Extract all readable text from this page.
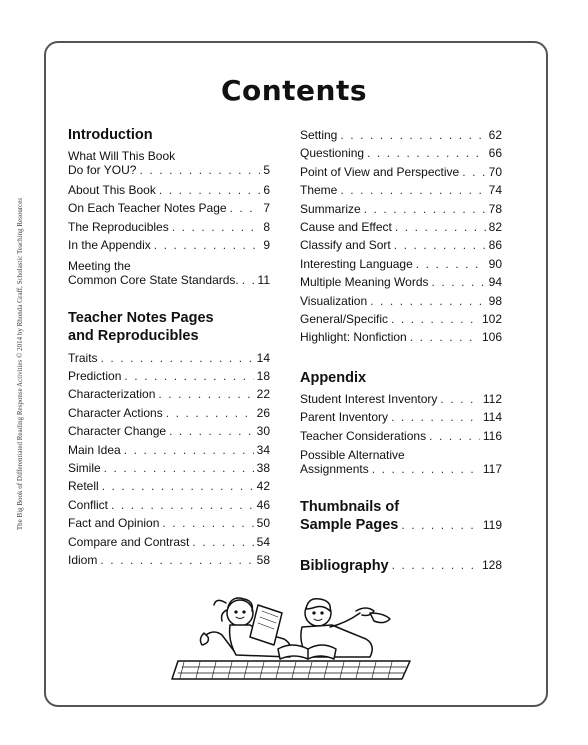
The Big Book of Differentiated Reading Response Activities © 2014 by Rhonda Graff, Scholastic Teaching Resources
Contents
Introduction
What Will This Book
Do for YOU? . . .	5
About This Book . . .	6
On Each Teacher Notes Page . . .	7
The Reproducibles . . .	8
In the Appendix . . .	9
Meeting the
Common Core State Standards. . . . 11
Teacher Notes Pages
and Reproducibles
Traits . . .	14
Prediction . . .	18
Characterization . . .	22
Character Actions . . .	26
Character Change . . .	30
Main Idea . . .	34
Simile . . .	38
Retell . . .	42
Conflict . . .	46
Fact and Opinion . . .	50
Compare and Contrast . . .	54
Idiom . . .	58
Setting . . .	62
Questioning . . .	66
Point of View and Perspective . . . 70
Theme . . .	74
Summarize . . .	78
Cause and Effect . . .	82
Classify and Sort . . .	86
Interesting Language . . .	90
Multiple Meaning Words . . .	94
Visualization . . .	98
General/Specific . . .	102
Highlight: Nonfiction . . .	106
Appendix
Student Interest Inventory . . .	112
Parent Inventory . . .	114
Teacher Considerations . . .	116
Possible Alternative
Assignments . . .	117
Thumbnails of
Sample Pages . . .	119
Bibliography . . .	128
